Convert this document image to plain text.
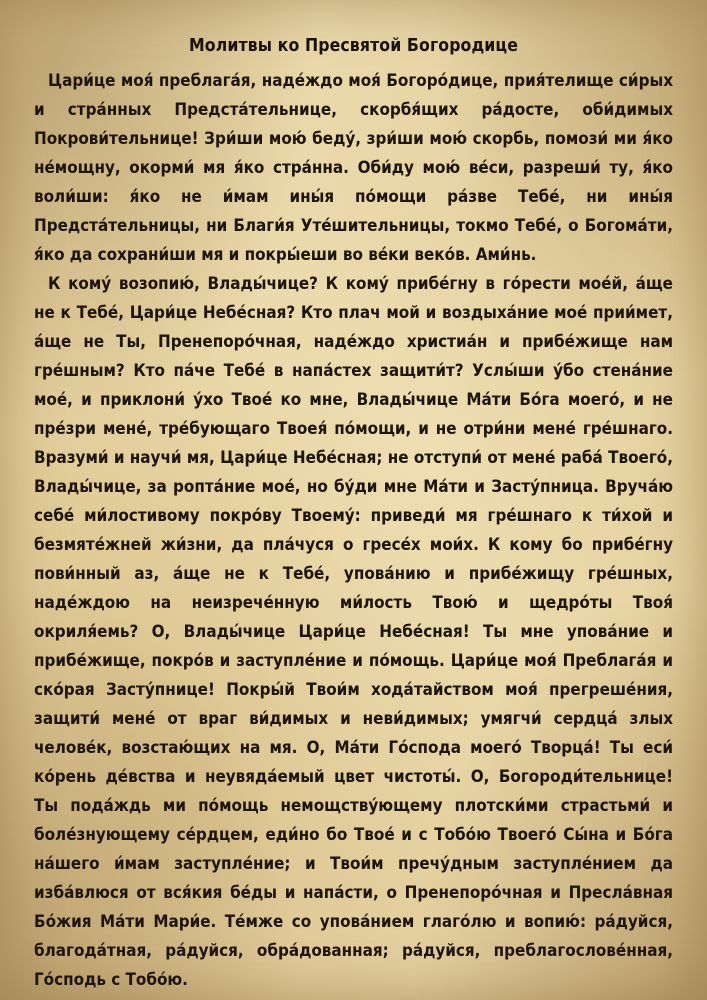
Молитвы ко Пресвятой Богородице

Цари́це моя́ преблага́я, наде́ждо моя́ Богоро́дице, прия́телище си́рых и стра́нных Предста́тельнице, скорбя́щих ра́досте, оби́димых Покрови́тельнице! Зри́ши мою́ беду́, зри́ши мою́ скорбь, помози́ ми я́ко не́мощну, окорми́ мя я́ко стра́нна. Оби́ду мою́ ве́си, разреши́ ту, я́ко воли́ши: я́ко не и́мам ины́я по́мощи ра́зве Тебе́, ни ины́я Предста́тельницы, ни Благи́я Уте́шительницы, токмо Тебе́, о Богома́ти, я́ко да сохрани́ши мя и покры́еши во ве́ки веко́в. Ами́нь.

К кому́ возопию́, Влады́чице? К кому́ прибе́гну в го́рести мое́й, а́ще не к Тебе́, Цари́це Небе́сная? Кто плач мой и воздыха́ние мое́ прии́мет, а́ще не Ты, Пренепоро́чная, наде́ждо христиа́н и прибе́жище нам гре́шным? Кто па́че Тебе́ в напа́стех защити́т? Услы́ши у́бо стена́ние мое́, и приклони́ у́хо Твое́ ко мне, Влады́чице Ма́ти Бо́га моего́, и не пре́зри мене́, тре́бующаго Твоея́ по́мощи, и не отри́ни мене́ гре́шнаго. Вразуми́ и научи́ мя, Цари́це Небе́сная; не отступи́ от мене́ раба́ Твоего́, Влады́чице, за ропта́ние мое́, но бу́ди мне Ма́ти и Засту́пница. Вруча́ю себе́ ми́лостивому покро́ву Твоему́: приведи́ мя гре́шнаго к ти́хой и безмяте́жней жи́зни, да пла́чуся о гресе́х мои́х. К кому бо прибе́гну пови́нный аз, а́ще не к Тебе́, упова́нию и прибе́жищу гре́шных, наде́ждою на неизрече́нную ми́лость Твою́ и щедро́ты Твоя́ окриля́емь? О, Влады́чице Цари́це Небе́сная! Ты мне упова́ние и прибе́жище, покро́в и заступле́ние и по́мощь. Цари́це моя́ Преблага́я и ско́рая Засту́пнице! Покры́й Твои́м хода́тайством моя́ прегреше́ния, защити́ мене́ от враг ви́димых и неви́димых; умягчи́ сердца́ злых челове́к, возстаю́щих на мя. О, Ма́ти Го́спода моего́ Творца́! Ты еси́ ко́рень де́вства и неувяда́емый цвет чистоты́. О, Богороди́тельнице! Ты пода́ждь ми по́мощь немощству́ющему плотски́ми страстьми́ и боле́знующему се́рдцем, еди́но бо Твое́ и с Тобо́ю Твоего́ Сы́на и Бо́га на́шего и́мам заступле́ние; и Твои́м пречу́дным заступле́нием да изба́влюся от вся́кия бе́ды и напа́сти, о Пренепоро́чная и Пресла́вная Бо́жия Ма́ти Мари́е. Те́мже со упова́нием глаго́лю и вопию́: ра́дуйся, благода́тная, ра́дуйся, обра́дованная; ра́дуйся, преблагослове́нная, Го́сподь с Тобо́ю.
